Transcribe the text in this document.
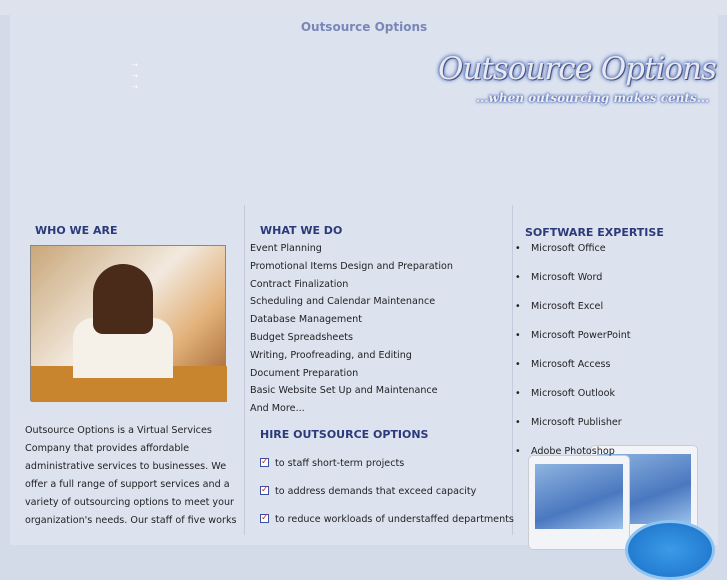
Outsource Options
→
→
→	Outsource Options
...when outsourcing makes cents...
WHO WE ARE
Outsource Options is a Virtual Services Company that provides affordable administrative services to businesses. We offer a full range of support services and a variety of outsourcing options to meet your organization's needs. Our staff of five works
WHAT WE DO
Event Planning
Promotional Items Design and Preparation
Contract Finalization
Scheduling and Calendar Maintenance
Database Management
Budget Spreadsheets
Writing, Proofreading, and Editing
Document Preparation
Basic Website Set Up and Maintenance
And More...
HIRE OUTSOURCE OPTIONS
✓ to staff short-term projects
✓ to address demands that exceed capacity
✓ to reduce workloads of understaffed departments
SOFTWARE EXPERTISE
• Microsoft Office
• Microsoft Word
• Microsoft Excel
• Microsoft PowerPoint
• Microsoft Access
• Microsoft Outlook
• Microsoft Publisher
• Adobe Photoshop
